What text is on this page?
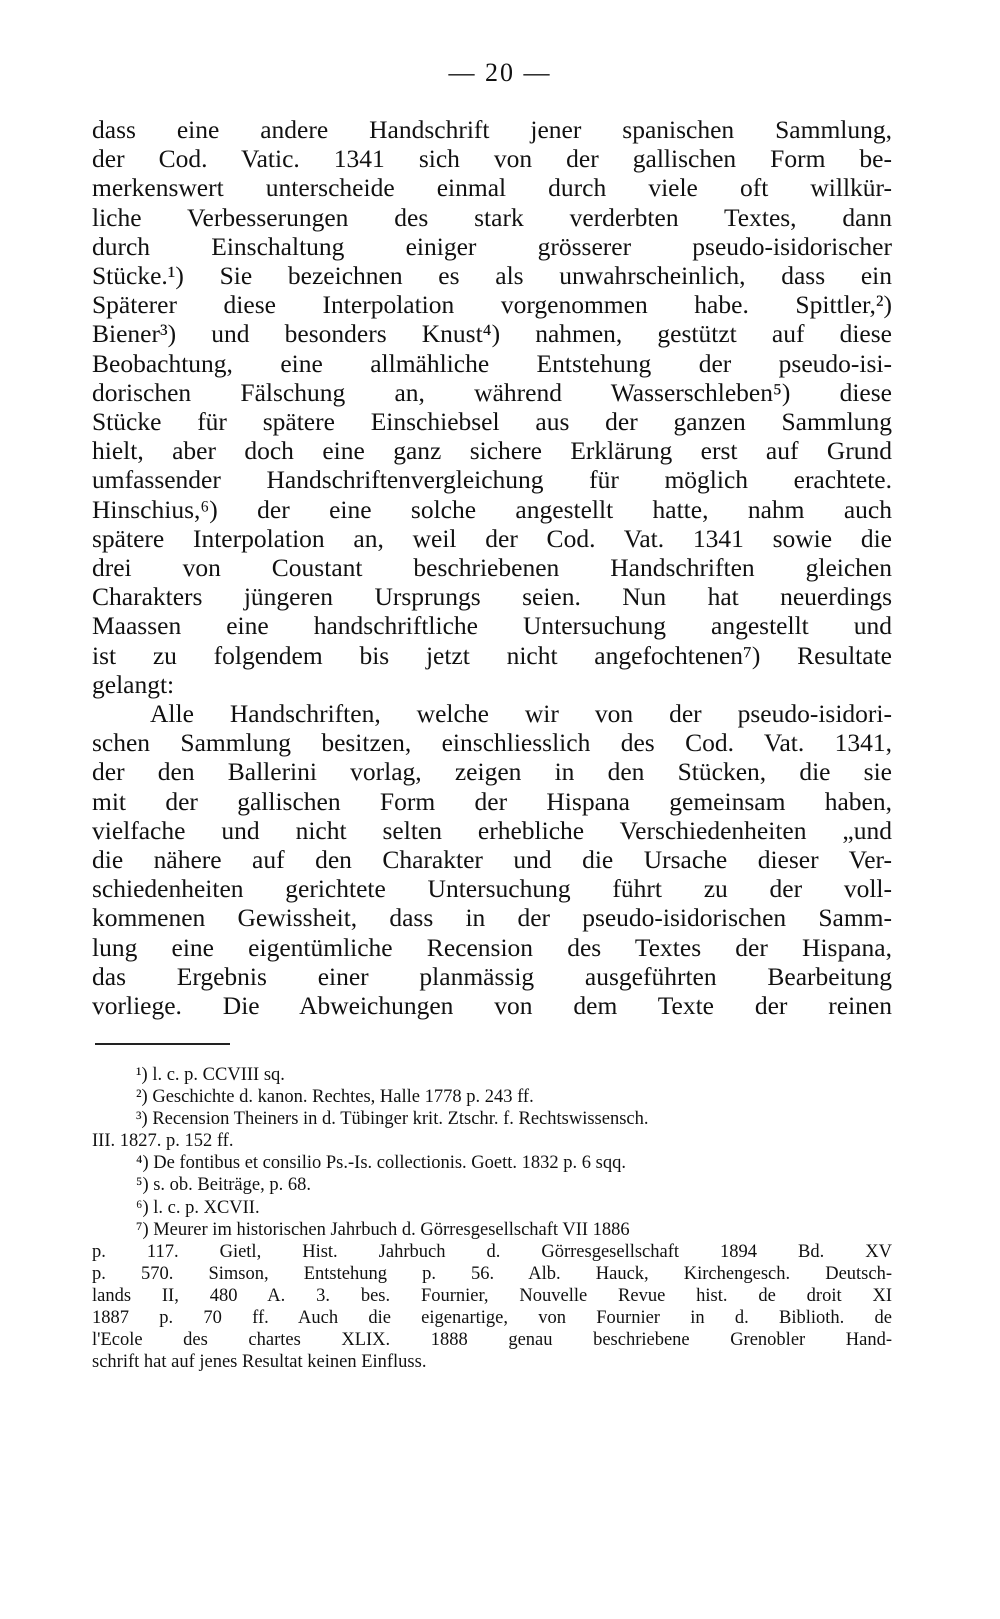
— 20 —
dass eine andere Handschrift jener spanischen Sammlung,
der Cod. Vatic. 1341 sich von der gallischen Form be-
merkenswert unterscheide einmal durch viele oft willkür-
liche Verbesserungen des stark verderbten Textes, dann
durch Einschaltung einiger grösserer pseudo-isidorischer
Stücke.¹) Sie bezeichnen es als unwahrscheinlich, dass ein
Späterer diese Interpolation vorgenommen habe. Spittler,²)
Biener³) und besonders Knust⁴) nahmen, gestützt auf diese
Beobachtung, eine allmähliche Entstehung der pseudo-isi-
dorischen Fälschung an, während Wasserschleben⁵) diese
Stücke für spätere Einschiebsel aus der ganzen Sammlung
hielt, aber doch eine ganz sichere Erklärung erst auf Grund
umfassender Handschriftenvergleichung für möglich erachtete.
Hinschius,⁶) der eine solche angestellt hatte, nahm auch
spätere Interpolation an, weil der Cod. Vat. 1341 sowie die
drei von Coustant beschriebenen Handschriften gleichen
Charakters jüngeren Ursprungs seien. Nun hat neuerdings
Maassen eine handschriftliche Untersuchung angestellt und
ist zu folgendem bis jetzt nicht angefochtenen⁷) Resultate
gelangt:
Alle Handschriften, welche wir von der pseudo-isidori-
schen Sammlung besitzen, einschliesslich des Cod. Vat. 1341,
der den Ballerini vorlag, zeigen in den Stücken, die sie
mit der gallischen Form der Hispana gemeinsam haben,
vielfache und nicht selten erhebliche Verschiedenheiten „und
die nähere auf den Charakter und die Ursache dieser Ver-
schiedenheiten gerichtete Untersuchung führt zu der voll-
kommenen Gewissheit, dass in der pseudo-isidorischen Samm-
lung eine eigentümliche Recension des Textes der Hispana,
das Ergebnis einer planmässig ausgeführten Bearbeitung
vorliege. Die Abweichungen von dem Texte der reinen
¹) l. c. p. CCVIII sq.
²) Geschichte d. kanon. Rechtes, Halle 1778 p. 243 ff.
³) Recension Theiners in d. Tübinger krit. Ztschr. f. Rechtswissensch.
III. 1827. p. 152 ff.
⁴) De fontibus et consilio Ps.-Is. collectionis. Goett. 1832 p. 6 sqq.
⁵) s. ob. Beiträge, p. 68.
⁶) l. c. p. XCVII.
⁷) Meurer im historischen Jahrbuch d. Görresgesellschaft VII 1886
p. 117. Gietl, Hist. Jahrbuch d. Görresgesellschaft 1894 Bd. XV
p. 570. Simson, Entstehung p. 56. Alb. Hauck, Kirchengesch. Deutsch-
lands II, 480 A. 3. bes. Fournier, Nouvelle Revue hist. de droit XI
1887 p. 70 ff. Auch die eigenartige, von Fournier in d. Biblioth. de
l'Ecole des chartes XLIX. 1888 genau beschriebene Grenobler Hand-
schrift hat auf jenes Resultat keinen Einfluss.
